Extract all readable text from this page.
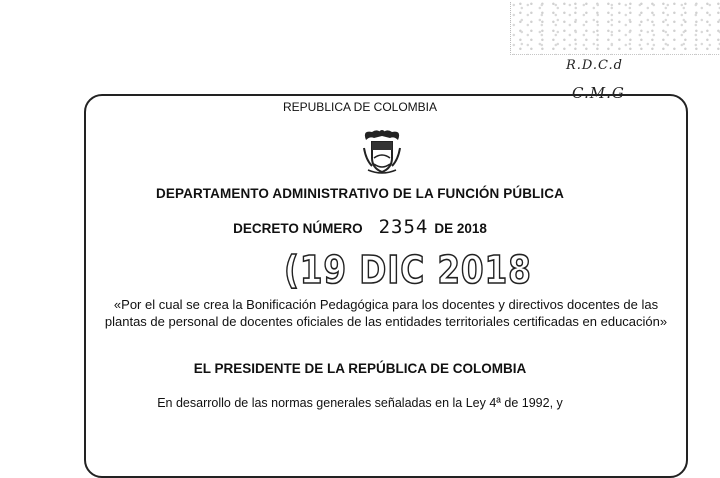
R.D.C.d
C.M.G
REPUBLICA DE COLOMBIA
DEPARTAMENTO ADMINISTRATIVO DE LA FUNCIÓN PÚBLICA
DECRETO NÚMERO 2354 DE 2018
(19 DIC 2018
«Por el cual se crea la Bonificación Pedagógica para los docentes y directivos docentes de las plantas de personal de docentes oficiales de las entidades territoriales certificadas en educación»
EL PRESIDENTE DE LA REPÚBLICA DE COLOMBIA
En desarrollo de las normas generales señaladas en la Ley 4ª de 1992, y
